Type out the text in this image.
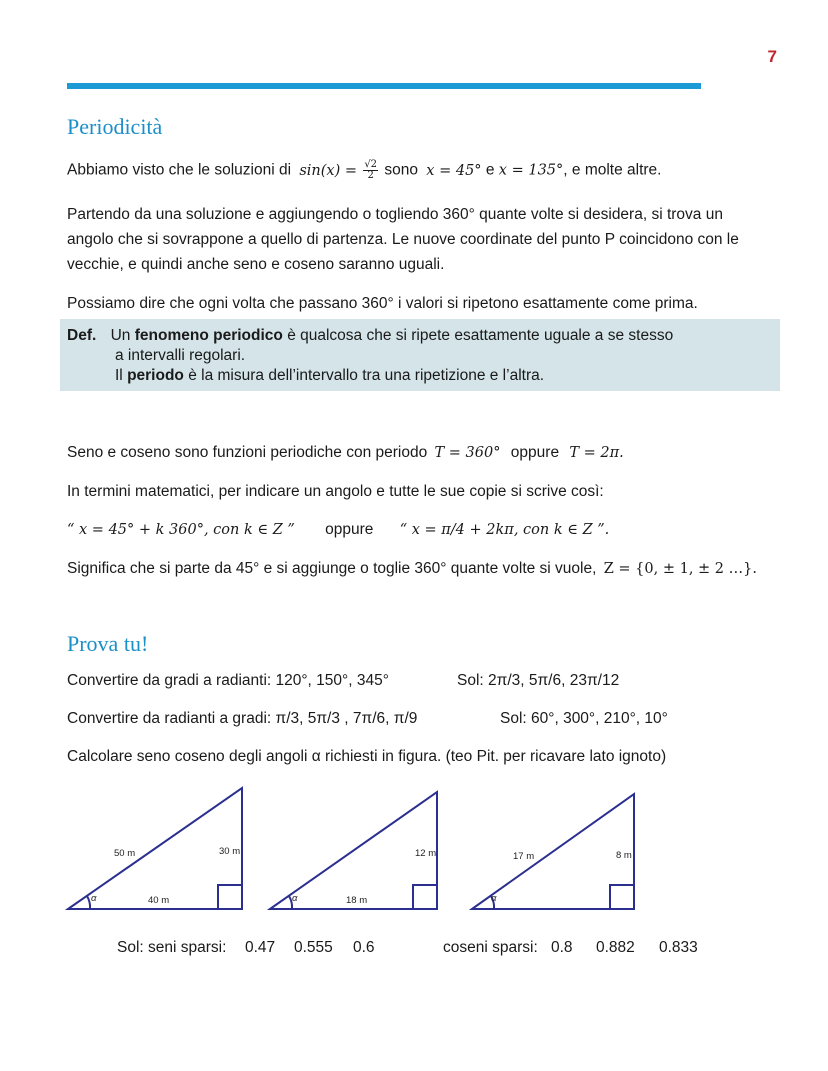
7
Periodicità
Abbiamo visto che le soluzioni di $\sin(x) = \frac{√2}{2}$ sono x = 45° e x = 135°, e molte altre.
Partendo da una soluzione e aggiungendo o togliendo 360° quante volte si desidera, si trova un
angolo che si sovrappone a quello di partenza. Le nuove coordinate del punto P coincidono con le
vecchie, e quindi anche seno e coseno saranno uguali.
Possiamo dire che ogni volta che passano 360° i valori si ripetono esattamente come prima.
Def. Un fenomeno periodico è qualcosa che si ripete esattamente uguale a se stesso
a intervalli regolari.
Il periodo è la misura dell’intervallo tra una ripetizione e l’altra.
Seno e coseno sono funzioni periodiche con periodo T = 360° oppure T = 2π.
In termini matematici, per indicare un angolo e tutte le sue copie si scrive così:
“ x = 45° + k 360°, con k ∈ Z ” oppure “ x = π/4 + 2kπ, con k ∈ Z ”.
Significa che si parte da 45° e si aggiunge o toglie 360° quante volte si vuole, Z = {0, ± 1, ± 2 …}.
Prova tu!
Convertire da gradi a radianti: 120°, 150°, 345°	Sol: 2π/3, 5π/6, 23π/12
Convertire da radianti a gradi: π/3, 5π/3 , 7π/6, π/9	Sol: 60°, 300°, 210°, 10°
Calcolare seno coseno degli angoli α richiesti in figura. (teo Pit. per ricavare lato ignoto)
50 m	30 m
40 m
α
12 m
18 m
α
17 m	8 m
α
Sol: seni sparsi: 0.47 0.555 0.6	coseni sparsi: 0.8 0.882 0.833
